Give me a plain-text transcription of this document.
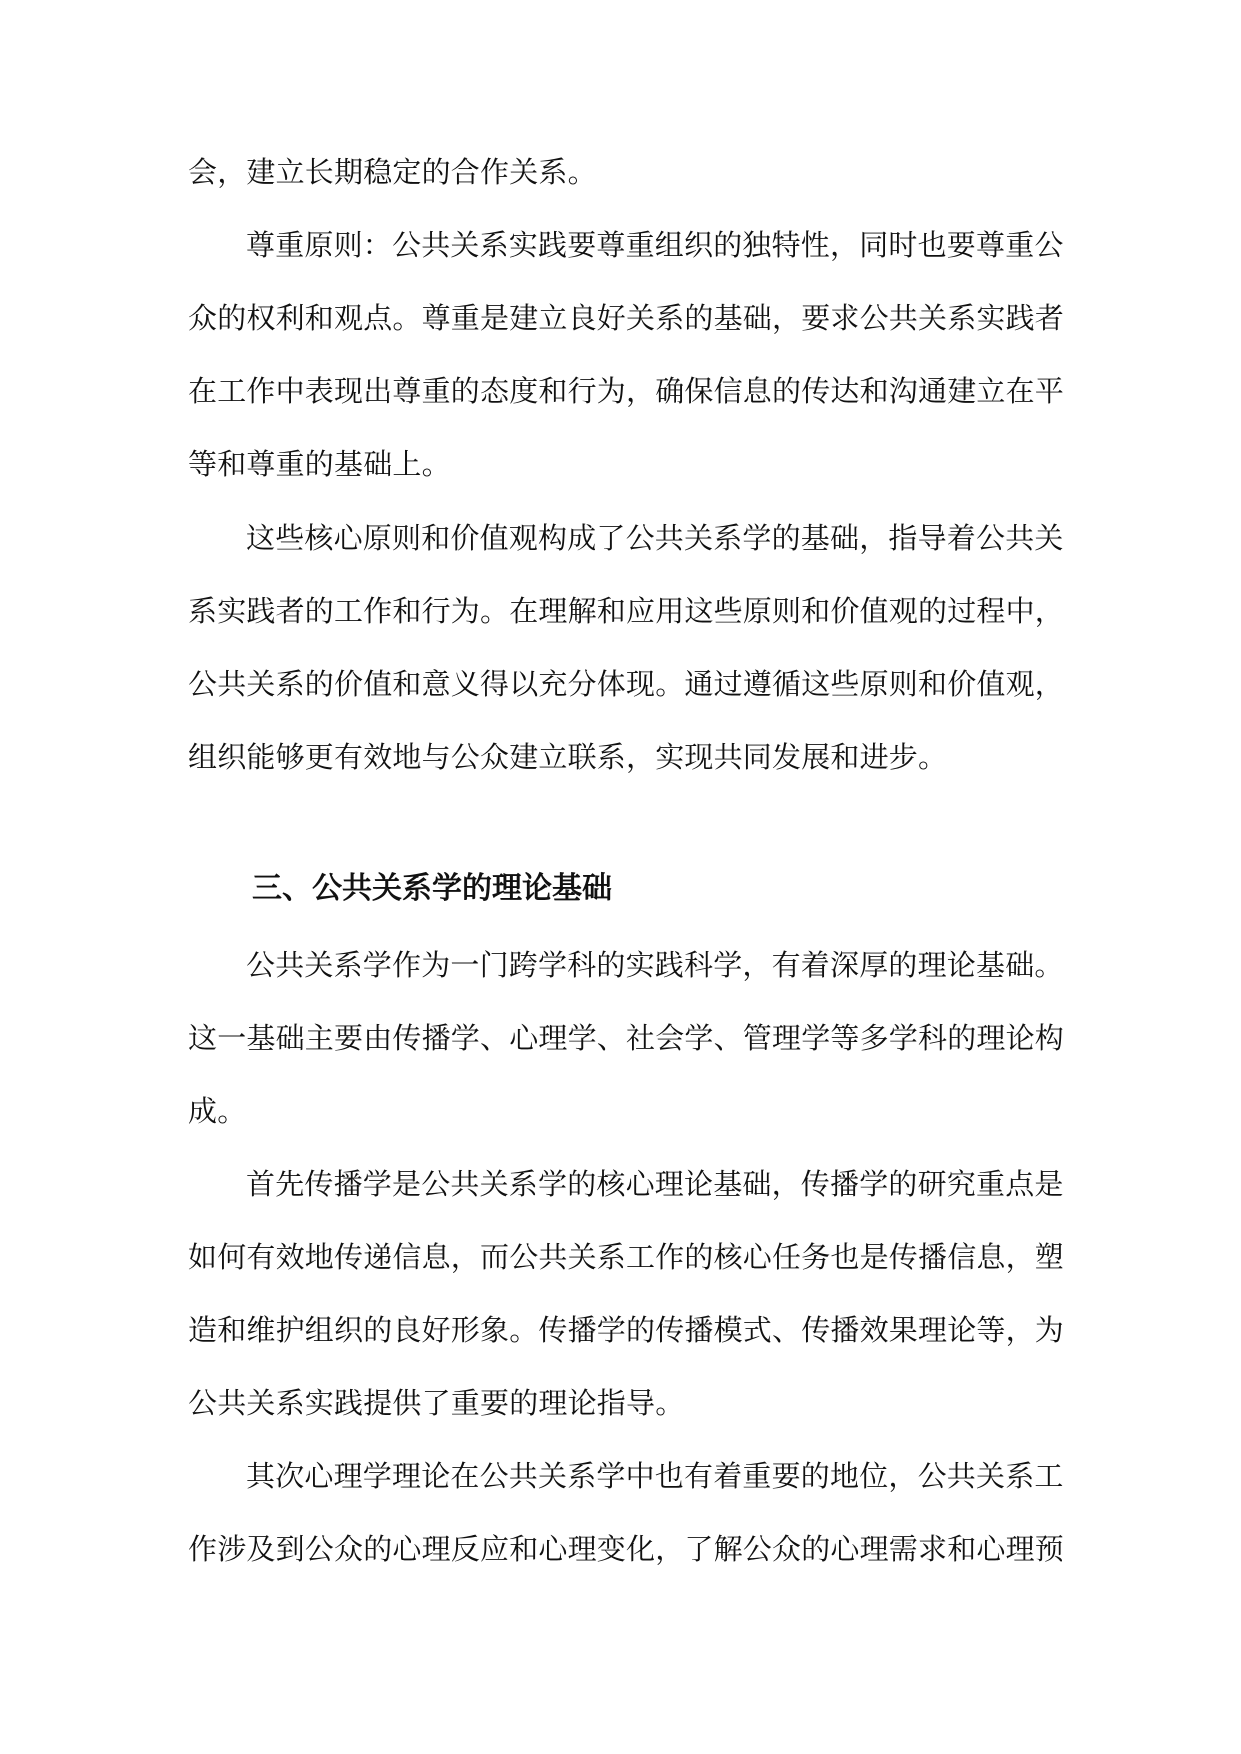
会，建立长期稳定的合作关系。
尊重原则：公共关系实践要尊重组织的独特性，同时也要尊重公
众的权利和观点。尊重是建立良好关系的基础，要求公共关系实践者
在工作中表现出尊重的态度和行为，确保信息的传达和沟通建立在平
等和尊重的基础上。
这些核心原则和价值观构成了公共关系学的基础，指导着公共关
系实践者的工作和行为。在理解和应用这些原则和价值观的过程中，
公共关系的价值和意义得以充分体现。通过遵循这些原则和价值观，
组织能够更有效地与公众建立联系，实现共同发展和进步。
三、公共关系学的理论基础
公共关系学作为一门跨学科的实践科学，有着深厚的理论基础。
这一基础主要由传播学、心理学、社会学、管理学等多学科的理论构
成。
首先传播学是公共关系学的核心理论基础，传播学的研究重点是
如何有效地传递信息，而公共关系工作的核心任务也是传播信息，塑
造和维护组织的良好形象。传播学的传播模式、传播效果理论等，为
公共关系实践提供了重要的理论指导。
其次心理学理论在公共关系学中也有着重要的地位，公共关系工
作涉及到公众的心理反应和心理变化，了解公众的心理需求和心理预
